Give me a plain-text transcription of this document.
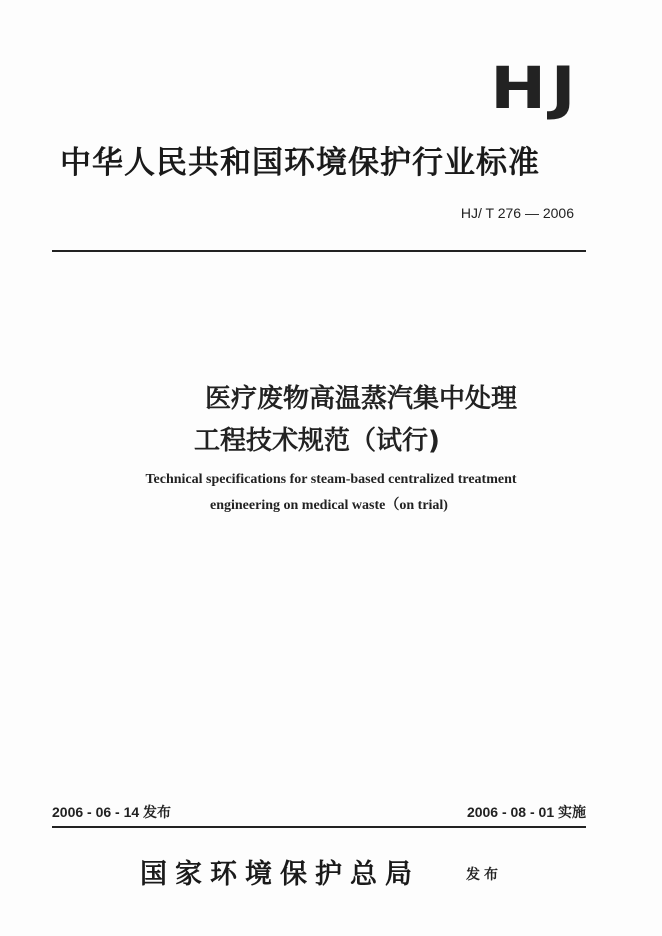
HJ
中华人民共和国环境保护行业标准
HJ/ T 276 — 2006
医疗废物高温蒸汽集中处理
工程技术规范（试行)
Technical specifications for steam-based centralized treatment
engineering on medical waste（on trial)
2006 - 06 - 14 发布	2006 - 08 - 01 实施
国家环境保护总局	发布
